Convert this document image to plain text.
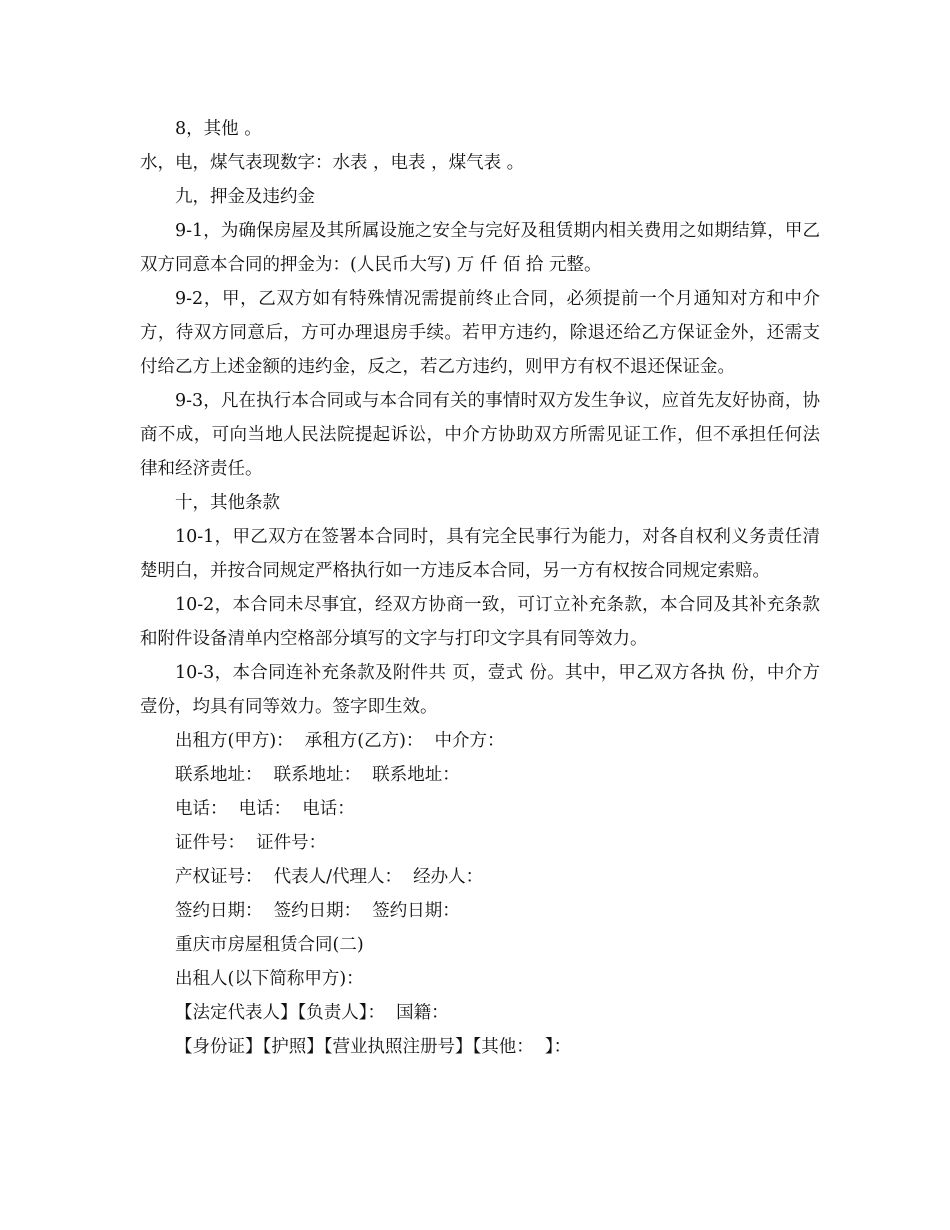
8，其他 。

水，电，煤气表现数字：水表 ，电表 ，煤气表 。

九，押金及违约金

9-1，为确保房屋及其所属设施之安全与完好及租赁期内相关费用之如期结算，甲乙双方同意本合同的押金为：(人民币大写) 万 仟 佰 拾 元整。

9-2，甲，乙双方如有特殊情况需提前终止合同，必须提前一个月通知对方和中介方，待双方同意后，方可办理退房手续。若甲方违约，除退还给乙方保证金外，还需支付给乙方上述金额的违约金，反之，若乙方违约，则甲方有权不退还保证金。

9-3，凡在执行本合同或与本合同有关的事情时双方发生争议，应首先友好协商，协商不成，可向当地人民法院提起诉讼，中介方协助双方所需见证工作，但不承担任何法律和经济责任。

十，其他条款

10-1，甲乙双方在签署本合同时，具有完全民事行为能力，对各自权利义务责任清楚明白，并按合同规定严格执行如一方违反本合同，另一方有权按合同规定索赔。

10-2，本合同未尽事宜，经双方协商一致，可订立补充条款，本合同及其补充条款和附件设备清单内空格部分填写的文字与打印文字具有同等效力。

10-3，本合同连补充条款及附件共 页，壹式 份。其中，甲乙双方各执 份，中介方壹份，均具有同等效力。签字即生效。

出租方(甲方)：  承租方(乙方)：  中介方：

联系地址：  联系地址：  联系地址：

电话：  电话：  电话：

证件号：  证件号：

产权证号：  代表人/代理人：  经办人：

签约日期：  签约日期：  签约日期：

重庆市房屋租赁合同(二)

出租人(以下简称甲方)：

【法定代表人】【负责人】：  国籍：

【身份证】【护照】【营业执照注册号】【其他：  】：
